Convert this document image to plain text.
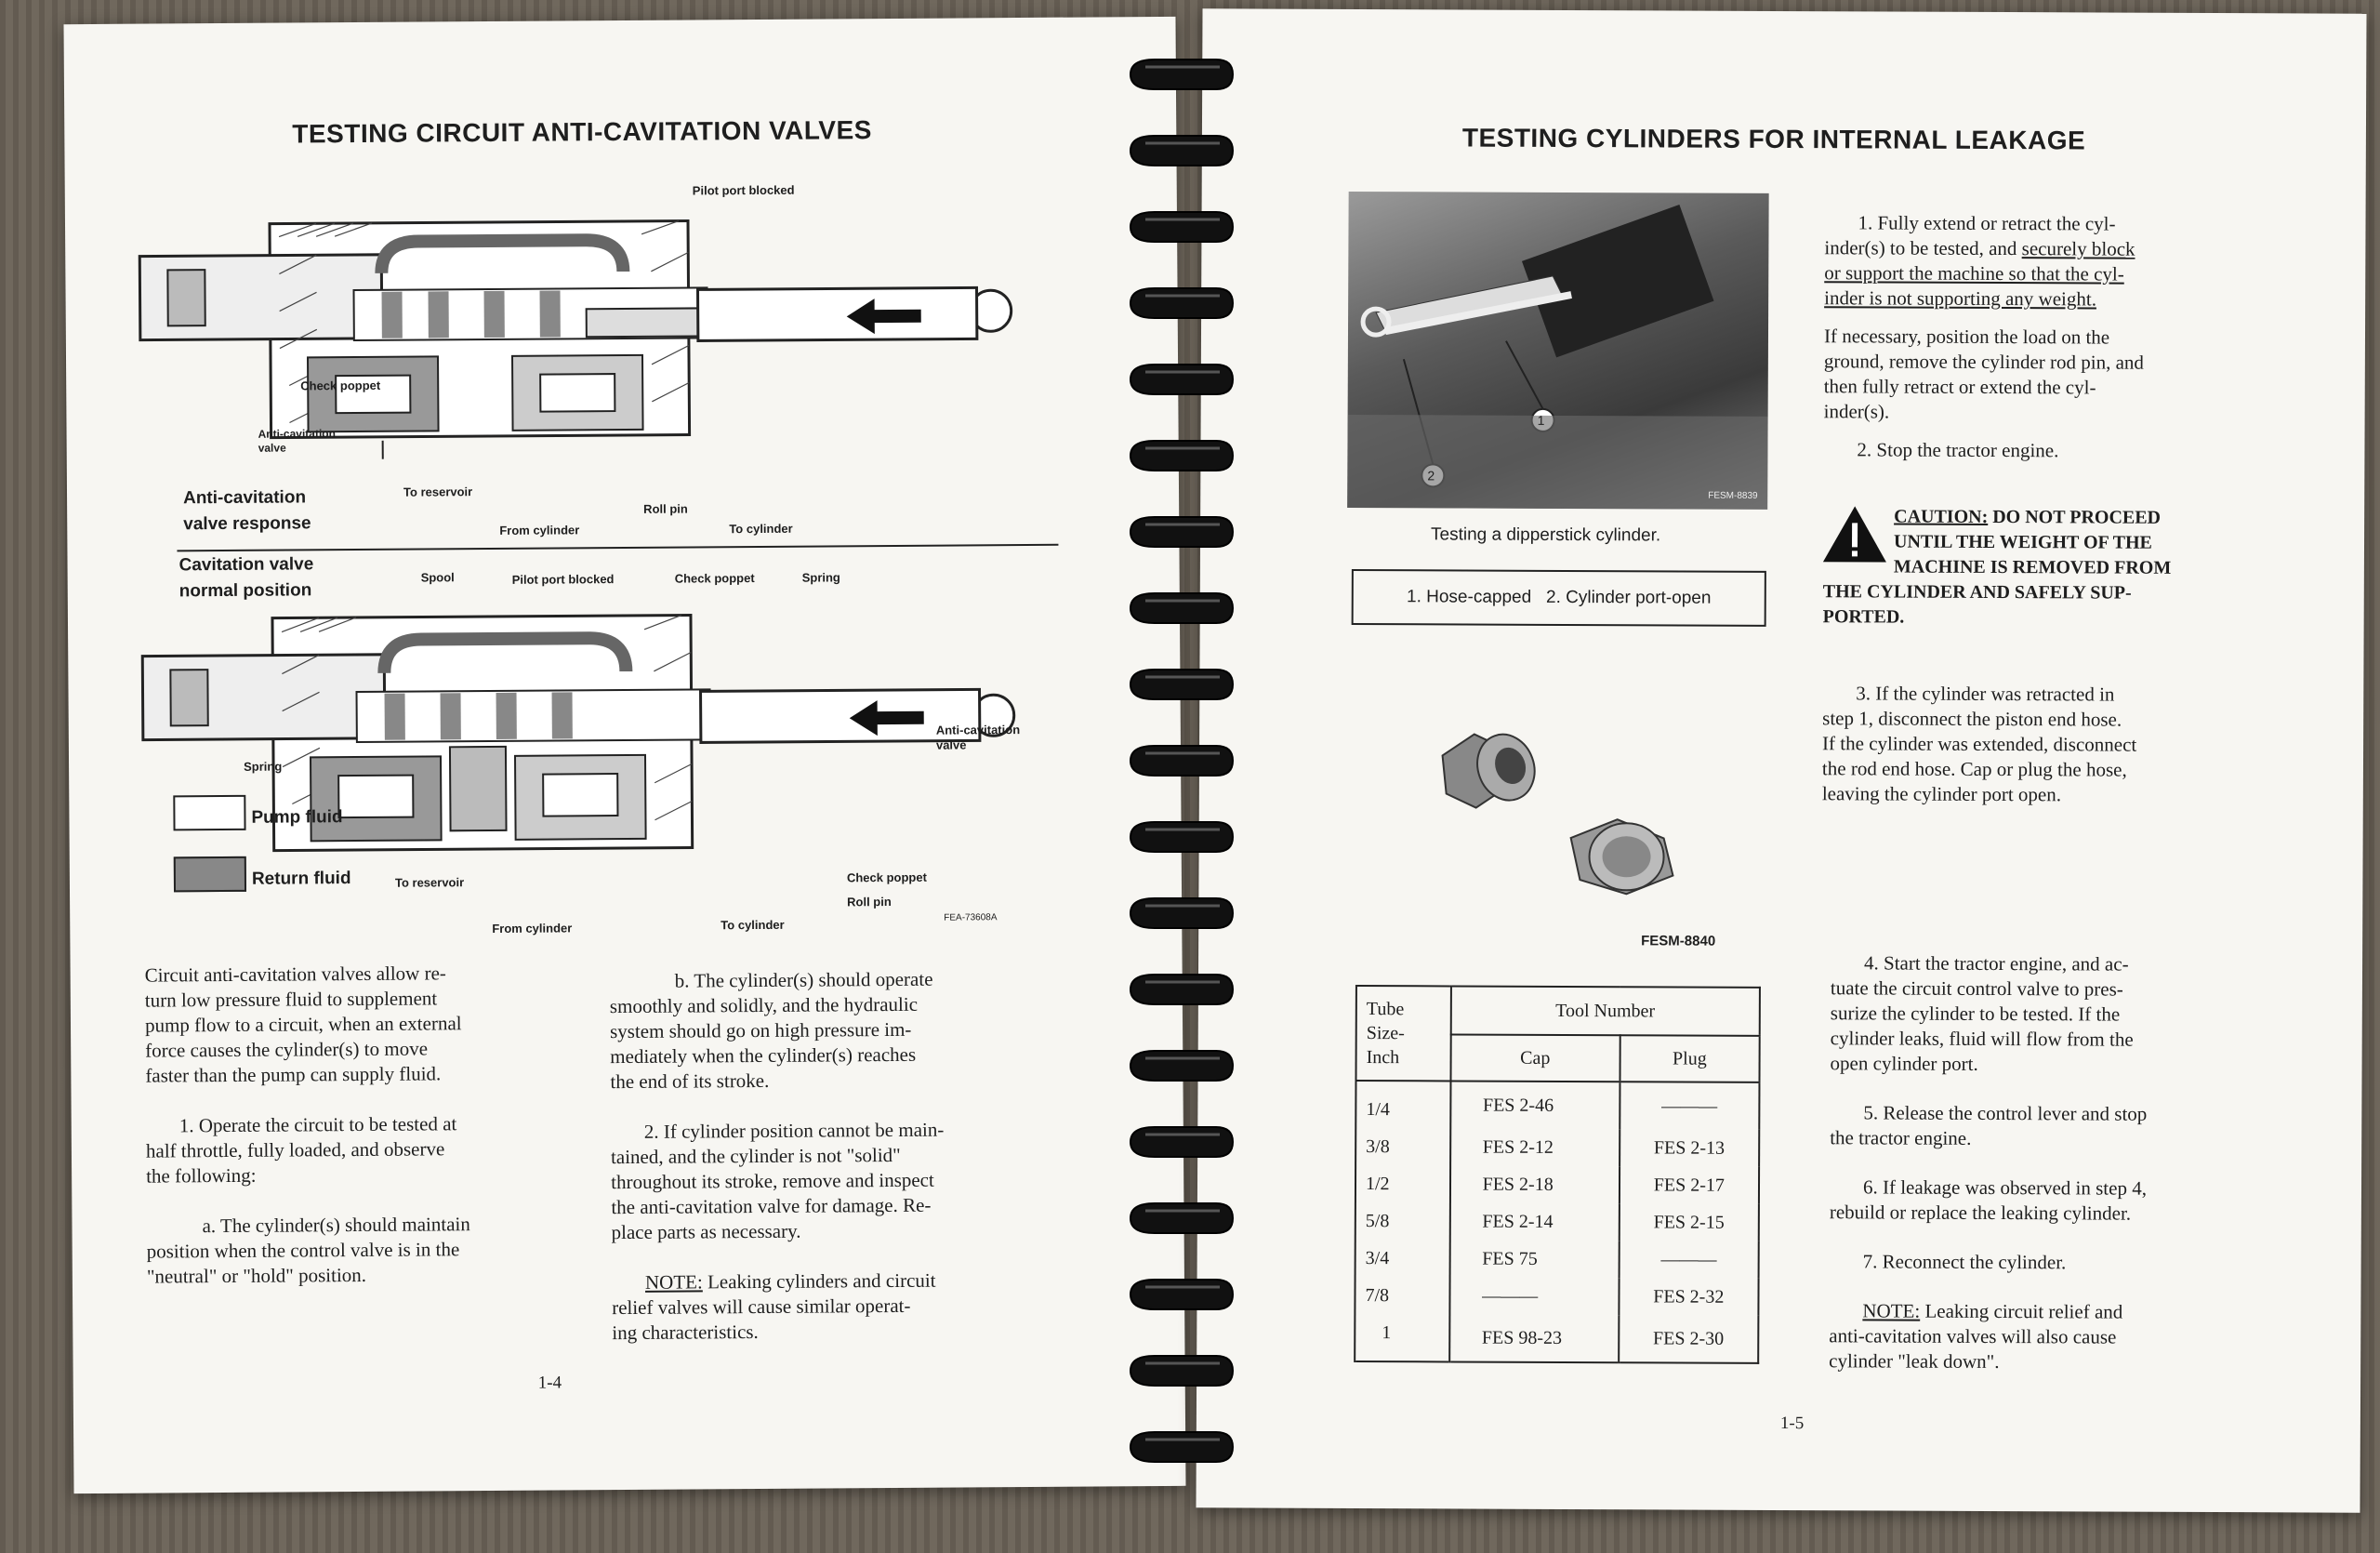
TESTING CIRCUIT ANTI-CAVITATION VALVES
Pilot port blocked
Check poppet
Anti-cavitation
valve
To reservoir
From cylinder
Roll pin
To cylinder
Anti-cavitation
valve response
Cavitation valve
normal position
Spool	Pilot port blocked	Check poppet	Spring
Anti-cavitation
valve
Spring
Pump fluid
Return fluid	To reservoir
From cylinder	To cylinder
Check poppet
Roll pin
FEA-73608A
Circuit anti-cavitation valves allow re-
turn low pressure fluid to supplement
pump flow to a circuit, when an external
force causes the cylinder(s) to move
faster than the pump can supply fluid.
1. Operate the circuit to be tested at
half throttle, fully loaded, and observe
the following:
a. The cylinder(s) should maintain
position when the control valve is in the
"neutral" or "hold" position.
b. The cylinder(s) should operate
smoothly and solidly, and the hydraulic
system should go on high pressure im-
mediately when the cylinder(s) reaches
the end of its stroke.
2. If cylinder position cannot be main-
tained, and the cylinder is not "solid"
throughout its stroke, remove and inspect
the anti-cavitation valve for damage. Re-
place parts as necessary.
NOTE: Leaking cylinders and circuit
relief valves will cause similar operat-
ing characteristics.
1-4
TESTING CYLINDERS FOR INTERNAL LEAKAGE
1
2
FESM-8839
Testing a dipperstick cylinder.
1. Hose-capped   2. Cylinder port-open
FESM-8840
Tube
Size-
Inch	Tool Number	
	Cap	Plug
1/4	FES 2-46	———
3/8	FES 2-12	FES 2-13
1/2	FES 2-18	FES 2-17
5/8	FES 2-14	FES 2-15
3/4	FES 75	———
7/8	———	FES 2-32
1	FES 98-23	FES 2-30
1. Fully extend or retract the cyl-
inder(s) to be tested, and securely block
or support the machine so that the cyl-
inder is not supporting any weight.
If necessary, position the load on the
ground, remove the cylinder rod pin, and
then fully retract or extend the cyl-
inder(s).
2. Stop the tractor engine.
CAUTION: DO NOT PROCEED
UNTIL THE WEIGHT OF THE
MACHINE IS REMOVED FROM
THE CYLINDER AND SAFELY SUP-
PORTED.
3. If the cylinder was retracted in
step 1, disconnect the piston end hose.
If the cylinder was extended, disconnect
the rod end hose. Cap or plug the hose,
leaving the cylinder port open.
4. Start the tractor engine, and ac-
tuate the circuit control valve to pres-
surize the cylinder to be tested. If the
cylinder leaks, fluid will flow from the
open cylinder port.
5. Release the control lever and stop
the tractor engine.
6. If leakage was observed in step 4,
rebuild or replace the leaking cylinder.
7. Reconnect the cylinder.
NOTE: Leaking circuit relief and
anti-cavitation valves will also cause
cylinder "leak down".
1-5
